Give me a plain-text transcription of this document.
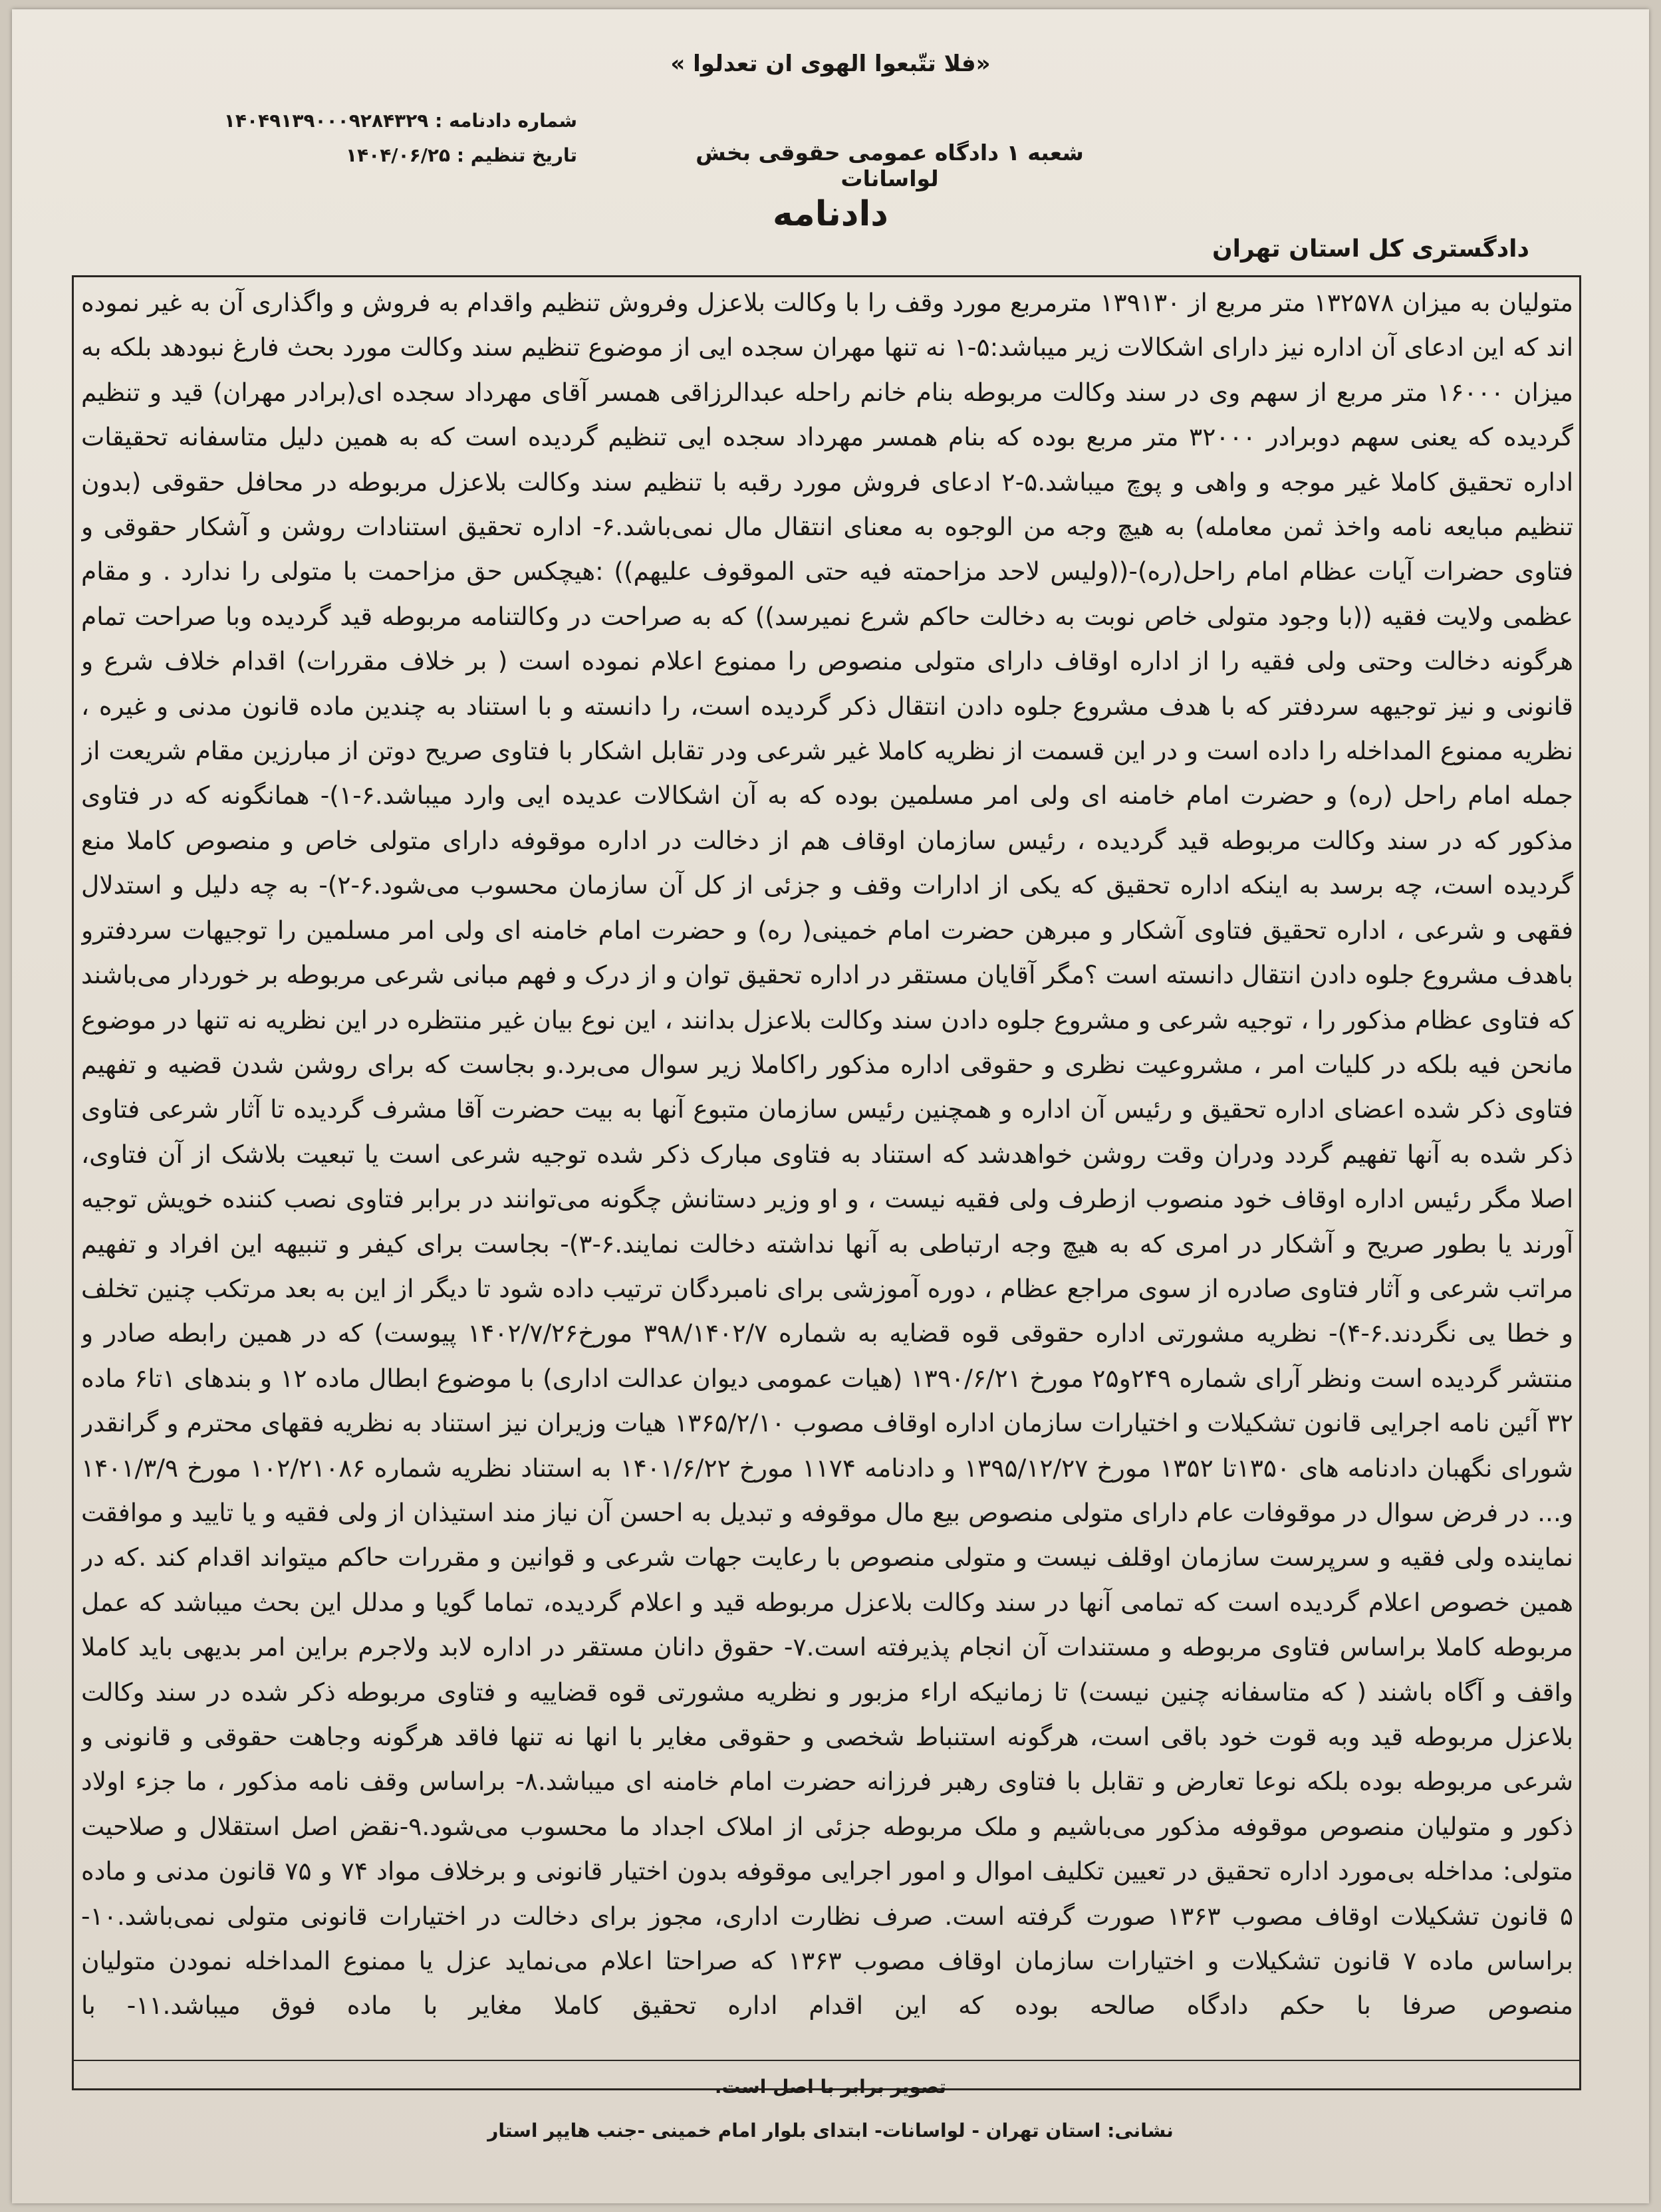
«فلا تتّبعوا الهوی ان تعدلوا »
شماره دادنامه : ۱۴۰۴۹۱۳۹۰۰۰۹۲۸۴۳۲۹
تاریخ تنظیم : ۱۴۰۴/۰۶/۲۵	شعبه ۱ دادگاه عمومی حقوقی بخش لواسانات
دادنامه
دادگستری کل استان تهران
متولیان به میزان ۱۳۲۵۷۸ متر مربع از ۱۳۹۱۳۰ مترمربع مورد وقف را با وکالت بلاعزل وفروش تنظیم واقدام به فروش و واگذاری آن به غیر نموده اند که این ادعای آن اداره نیز دارای اشکالات زیر میباشد:۵-۱ نه تنها مهران سجده ایی از موضوع تنظیم سند وکالت مورد بحث فارغ نبودهد بلکه به میزان ۱۶۰۰۰ متر مربع از سهم وی در سند وکالت مربوطه بنام خانم راحله عبدالرزاقی همسر آقای مهرداد سجده ای(برادر مهران) قید و تنظیم گردیده که یعنی سهم دوبرادر ۳۲۰۰۰ متر مربع بوده که بنام همسر مهرداد سجده ایی تنظیم گردیده است که به همین دلیل متاسفانه تحقیقات اداره تحقیق کاملا غیر موجه و واهی و پوچ میباشد.۵-۲ ادعای فروش مورد رقبه با تنظیم سند وکالت بلاعزل مربوطه در محافل حقوقی (بدون تنظیم مبایعه نامه واخذ ثمن معامله) به هیچ وجه من الوجوه به معنای انتقال مال نمی‌باشد.۶- اداره تحقیق استنادات روشن و آشکار حقوقی و فتاوی حضرات آیات عظام امام راحل(ره)-((ولیس لاحد مزاحمته فیه حتی الموقوف علیهم)) :هیچکس حق مزاحمت با متولی را ندارد . و مقام عظمی ولایت فقیه ((با وجود متولی خاص نوبت به دخالت حاکم شرع نمیرسد)) که به صراحت در وکالتنامه مربوطه قید گردیده وبا صراحت تمام هرگونه دخالت وحتی ولی فقیه را از اداره اوقاف دارای متولی منصوص را ممنوع اعلام نموده است ( بر خلاف مقررات) اقدام خلاف شرع و قانونی و نیز توجیهه سردفتر که با هدف مشروع جلوه دادن انتقال ذکر گردیده است، را دانسته و با استناد به چندین ماده قانون مدنی و غیره ، نظریه ممنوع المداخله را داده است و در این قسمت از نظریه کاملا غیر شرعی ودر تقابل اشکار با فتاوی صریح دوتن از مبارزین مقام شریعت از جمله امام راحل (ره) و حضرت امام خامنه ای ولی امر مسلمین بوده که به آن اشکالات عدیده ایی وارد میباشد.۶-۱)- همانگونه که در فتاوی مذکور که در سند وکالت مربوطه قید گردیده ، رئیس سازمان اوقاف هم از دخالت در اداره موقوفه دارای متولی خاص و منصوص کاملا منع گردیده است، چه برسد به اینکه اداره تحقیق که یکی از ادارات وقف و جزئی از کل آن سازمان محسوب می‌شود.۶-۲)- به چه دلیل و استدلال فقهی و شرعی ، اداره تحقیق فتاوی آشکار و مبرهن حضرت امام خمینی( ره) و حضرت امام خامنه ای ولی امر مسلمین را توجیهات سردفترو باهدف مشروع جلوه دادن انتقال دانسته است ؟مگر آقایان مستقر در اداره تحقیق توان و از درک و فهم مبانی شرعی مربوطه بر خوردار می‌باشند که فتاوی عظام مذکور را ، توجیه شرعی و مشروع جلوه دادن سند وکالت بلاعزل بدانند ، این نوع بیان غیر منتظره در این نظریه نه تنها در موضوع مانحن فیه بلکه در کلیات امر ، مشروعیت نظری و حقوقی اداره مذکور راکاملا زیر سوال می‌برد.و بجاست که برای روشن شدن قضیه و تفهیم فتاوی ذکر شده اعضای اداره تحقیق و رئیس آن اداره و همچنین رئیس سازمان متبوع آنها به بیت حضرت آقا مشرف گردیده تا آثار شرعی فتاوی ذکر شده به آنها تفهیم گردد ودران وقت روشن خواهدشد که استناد به فتاوی مبارک ذکر شده توجیه شرعی است یا تبعیت بلاشک از آن فتاوی، اصلا مگر رئیس اداره اوقاف خود منصوب ازطرف ولی فقیه نیست ، و او وزیر دستانش چگونه می‌توانند در برابر فتاوی نصب کننده خویش توجیه آورند یا بطور صریح و آشکار در امری که به هیچ وجه ارتباطی به آنها نداشته دخالت نمایند.۶-۳)- بجاست برای کیفر و تنبیهه این افراد و تفهیم مراتب شرعی و آثار فتاوی صادره از سوی مراجع عظام ، دوره آموزشی برای نامبردگان ترتیب داده شود تا دیگر از این به بعد مرتکب چنین تخلف و خطا یی نگردند.۶-۴)- نظریه مشورتی اداره حقوقی قوه قضایه به شماره ۳۹۸/۱۴۰۲/۷ مورخ۱۴۰۲/۷/۲۶ پیوست) که در همین رابطه صادر و منتشر گردیده است ونظر آرای شماره ۲۴۹و۲۵ مورخ ۱۳۹۰/۶/۲۱ (هیات عمومی دیوان عدالت اداری) با موضوع ابطال ماده ۱۲ و بندهای ۱تا۶ ماده ۳۲ آئین نامه اجرایی قانون تشکیلات و اختیارات سازمان اداره اوقاف مصوب ۱۳۶۵/۲/۱۰ هیات وزیران نیز استناد به نظریه فقهای محترم و گرانقدر شورای نگهبان دادنامه های ۱۳۵۰تا ۱۳۵۲ مورخ ۱۳۹۵/۱۲/۲۷ و دادنامه ۱۱۷۴ مورخ ۱۴۰۱/۶/۲۲ به استناد نظریه شماره ۱۰۲/۲۱۰۸۶ مورخ ۱۴۰۱/۳/۹ و... در فرض سوال در موقوفات عام دارای متولی منصوص بیع مال موقوفه و تبدیل به احسن آن نیاز مند استیذان از ولی فقیه و یا تایید و موافقت نماینده ولی فقیه و سرپرست سازمان اوقلف نیست و متولی منصوص با رعایت جهات شرعی و قوانین و مقررات حاکم میتواند اقدام کند .که در همین خصوص اعلام گردیده است که تمامی آنها در سند وکالت بلاعزل مربوطه قید و اعلام گردیده، تماما گویا و مدلل این بحث میباشد که عمل مربوطه کاملا براساس فتاوی مربوطه و مستندات آن انجام پذیرفته است.۷- حقوق دانان مستقر در اداره لابد ولاجرم براین امر بدیهی باید کاملا واقف و آگاه باشند ( که متاسفانه چنین نیست) تا زمانیکه اراء مزبور و نظریه مشورتی قوه قضاییه و فتاوی مربوطه ذکر شده در سند وکالت بلاعزل مربوطه قید وبه قوت خود باقی است، هرگونه استنباط شخصی و حقوقی مغایر با انها نه تنها فاقد هرگونه وجاهت حقوقی و قانونی و شرعی مربوطه بوده بلکه نوعا تعارض و تقابل با فتاوی رهبر فرزانه حضرت امام خامنه ای میباشد.۸- براساس وقف نامه مذکور ، ما جزء اولاد ذکور و متولیان منصوص موقوفه مذکور می‌باشیم و ملک مربوطه جزئی از املاک اجداد ما محسوب می‌شود.۹-نقض اصل استقلال و صلاحیت متولی: مداخله بی‌مورد اداره تحقیق در تعیین تکلیف اموال و امور اجرایی موقوفه بدون اختیار قانونی و برخلاف مواد ۷۴ و ۷۵ قانون مدنی و ماده ۵ قانون تشکیلات اوقاف مصوب ۱۳۶۳ صورت گرفته است. صرف نظارت اداری، مجوز برای دخالت در اختیارات قانونی متولی نمی‌باشد.۱۰- براساس ماده ۷ قانون تشکیلات و اختیارات سازمان اوقاف مصوب ۱۳۶۳ که صراحتا اعلام می‌نماید عزل یا ممنوع المداخله نمودن متولیان منصوص صرفا با حکم دادگاه صالحه بوده که این اقدام اداره تحقیق کاملا مغایر با ماده فوق میباشد.۱۱- با
تصویر برابر با اصل است.
نشانی: استان تهران - لواسانات- ابتدای بلوار امام خمینی -جنب هایپر استار
